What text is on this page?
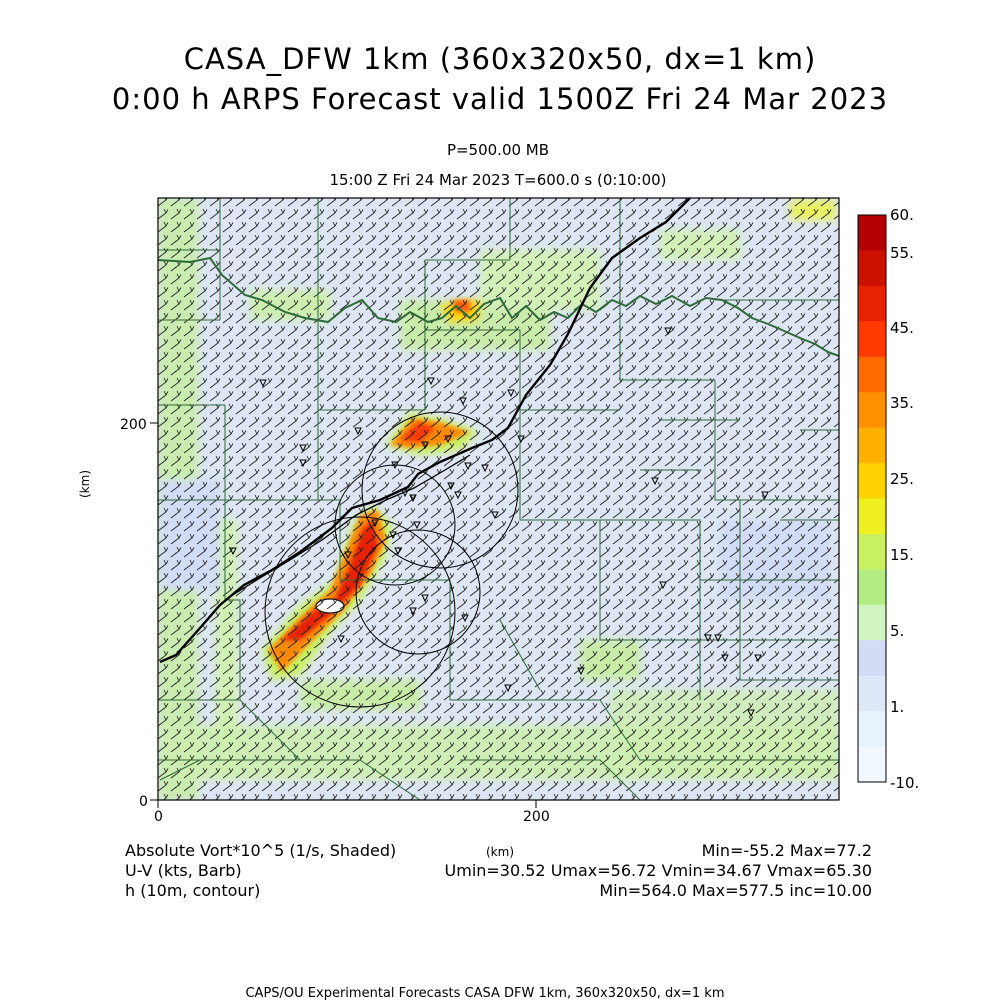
60.
55.
45.
35.
25.
15.
5.
1.
-10.
0	200
0
200
CASA_DFW 1km (360x320x50, dx=1 km)
0:00 h ARPS Forecast valid 1500Z Fri 24 Mar 2023
P=500.00 MB
15:00 Z Fri 24 Mar 2023 T=600.0 s (0:10:00)
(km)
(km)
Absolute Vort*10^5 (1/s, Shaded)	Min=-55.2 Max=77.2
U-V (kts, Barb)	Umin=30.52 Umax=56.72 Vmin=34.67 Vmax=65.30
h (10m, contour)	Min=564.0 Max=577.5 inc=10.00
CAPS/OU Experimental Forecasts CASA DFW 1km, 360x320x50, dx=1 km
